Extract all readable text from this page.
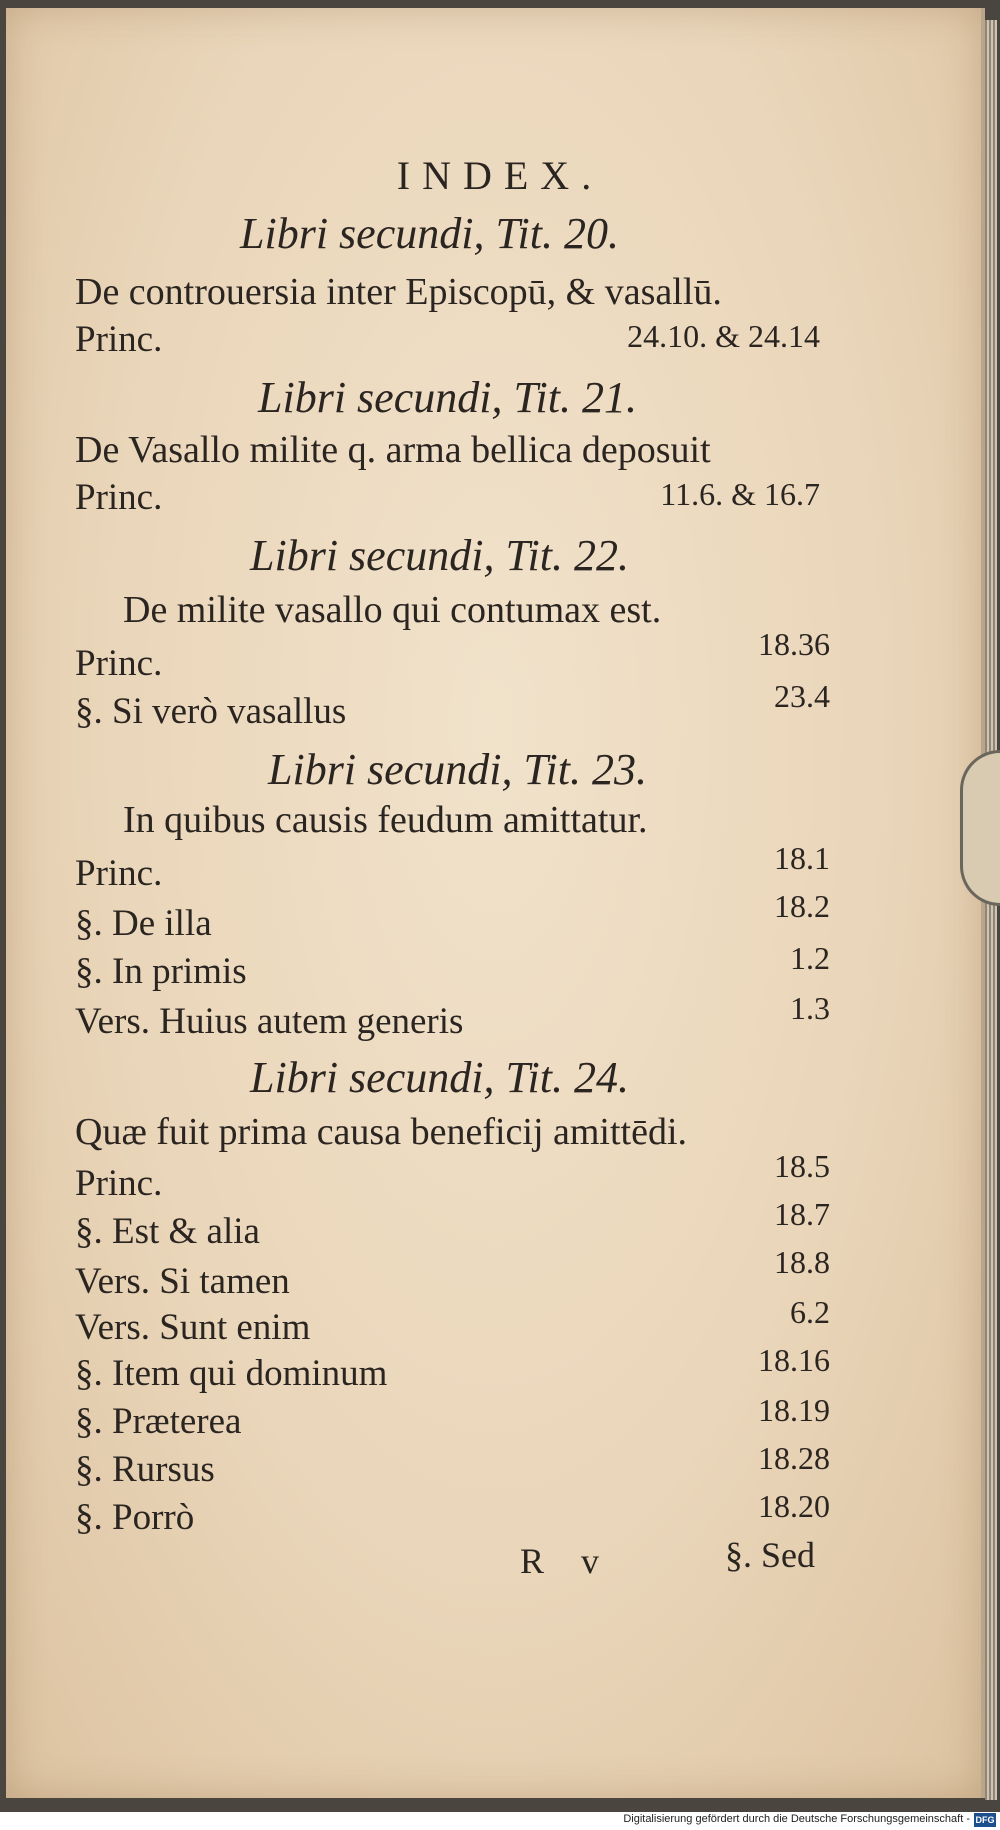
INDEX.
Libri secundi, Tit. 20.
De controuersia inter Episcopū, & vasallū.
Princ.	24.10. & 24.14
Libri secundi, Tit. 21.
De Vasallo milite q. arma bellica deposuit
Princ.	11.6. & 16.7
Libri secundi, Tit. 22.
De milite vasallo qui contumax est.
Princ.	18.36
§. Si verò vasallus	23.4
Libri secundi, Tit. 23.
In quibus causis feudum amittatur.
Princ.	18.1
§. De illa	18.2
§. In primis	1.2
Vers. Huius autem generis	1.3
Libri secundi, Tit. 24.
Quæ fuit prima causa beneficij amittēdi.
Princ.	18.5
§. Est & alia	18.7
Vers. Si tamen	18.8
Vers. Sunt enim	6.2
§. Item qui dominum	18.16
§. Præterea	18.19
§. Rursus	18.28
§. Porrò	18.20
R v	§. Sed
Digitalisierung gefördert durch die Deutsche Forschungsgemeinschaft - DFG
